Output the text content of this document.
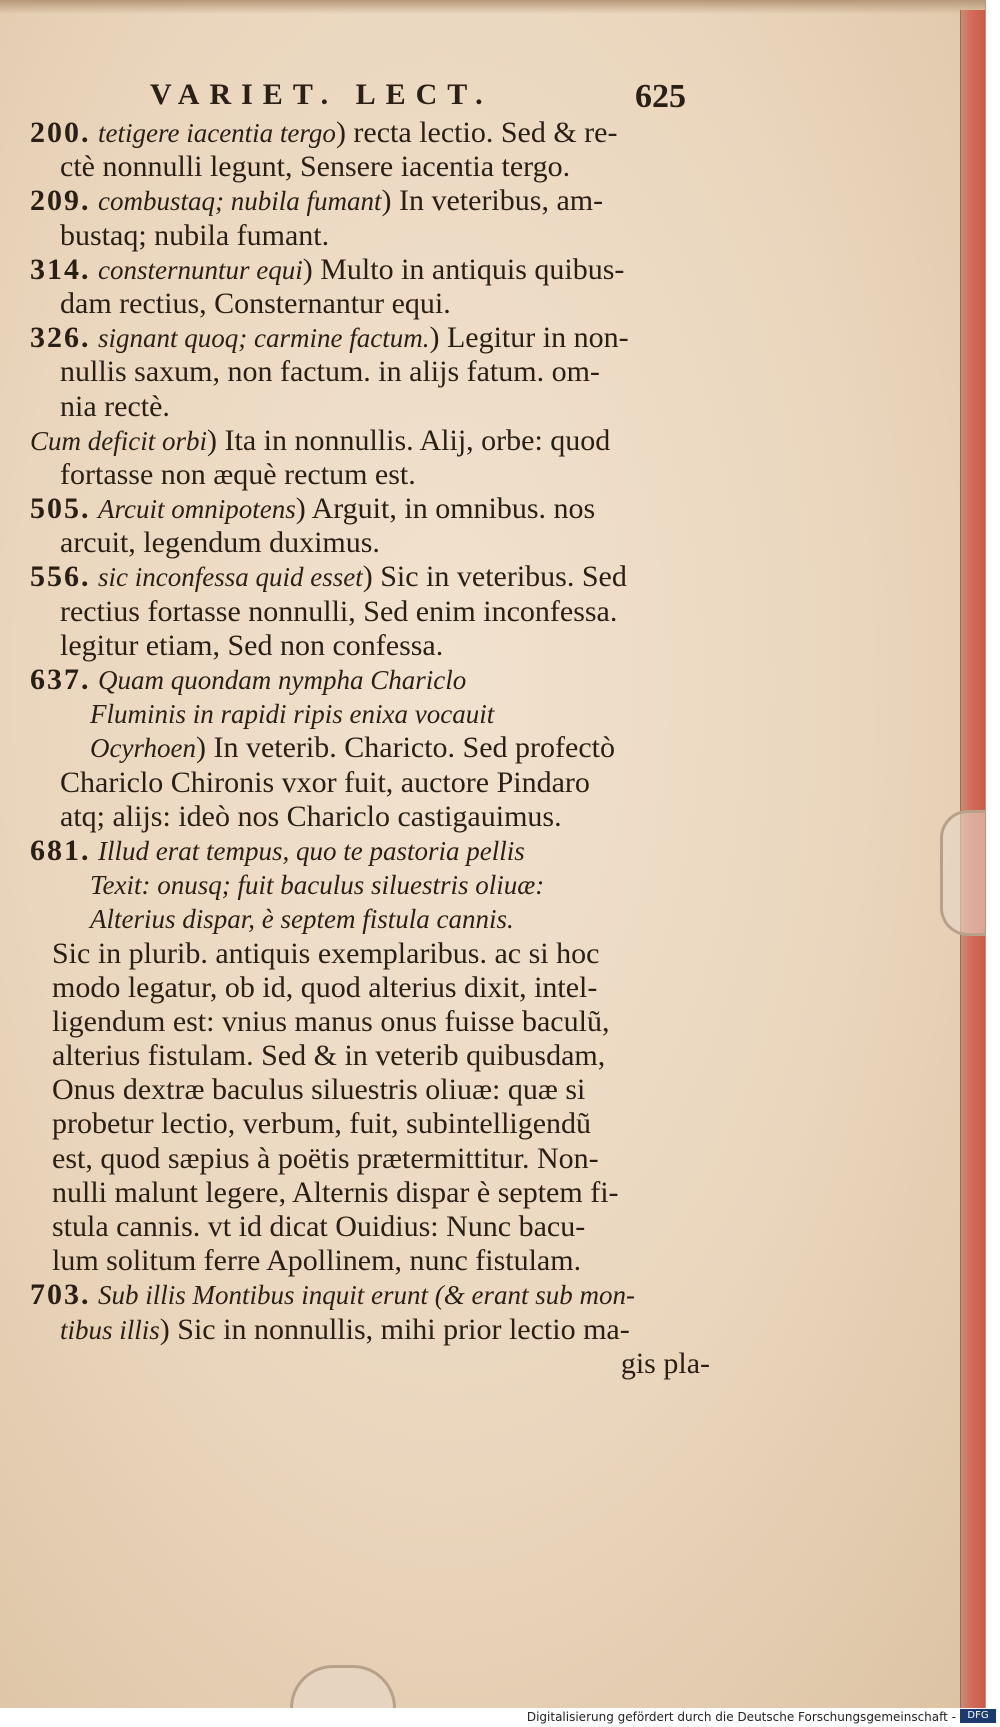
VARIET. LECT.	625
200. tetigere iacentia tergo) recta lectio. Sed & re-
ctè nonnulli legunt, Sensere iacentia tergo.
209. combustaq; nubila fumant) In veteribus, am-
bustaq; nubila fumant.
314. consternuntur equi) Multo in antiquis quibus-
dam rectius, Consternantur equi.
326. signant quoq; carmine factum.) Legitur in non-
nullis saxum, non factum. in alijs fatum. om-
nia rectè.
Cum deficit orbi) Ita in nonnullis. Alij, orbe: quod
fortasse non æquè rectum est.
505. Arcuit omnipotens) Arguit, in omnibus. nos
arcuit, legendum duximus.
556. sic inconfessa quid esset) Sic in veteribus. Sed
rectius fortasse nonnulli, Sed enim inconfessa.
legitur etiam, Sed non confessa.
637. Quam quondam nympha Chariclo
Fluminis in rapidi ripis enixa vocauit
Ocyrhoen) In veterib. Charicto. Sed profectò
Chariclo Chironis vxor fuit, auctore Pindaro
atq; alijs: ideò nos Chariclo castigauimus.
681. Illud erat tempus, quo te pastoria pellis
Texit: onusq; fuit baculus siluestris oliuæ:
Alterius dispar, è septem fistula cannis.
Sic in plurib. antiquis exemplaribus. ac si hoc
modo legatur, ob id, quod alterius dixit, intel-
ligendum est: vnius manus onus fuisse baculũ,
alterius fistulam. Sed & in veterib quibusdam,
Onus dextræ baculus siluestris oliuæ: quæ si
probetur lectio, verbum, fuit, subintelligendũ
est, quod sæpius à poëtis prætermittitur. Non-
nulli malunt legere, Alternis dispar è septem fi-
stula cannis. vt id dicat Ouidius: Nunc bacu-
lum solitum ferre Apollinem, nunc fistulam.
703. Sub illis Montibus inquit erunt (& erant sub mon-
tibus illis) Sic in nonnullis, mihi prior lectio ma-
gis pla-
Digitalisierung gefördert durch die Deutsche Forschungsgemeinschaft -	DFG
